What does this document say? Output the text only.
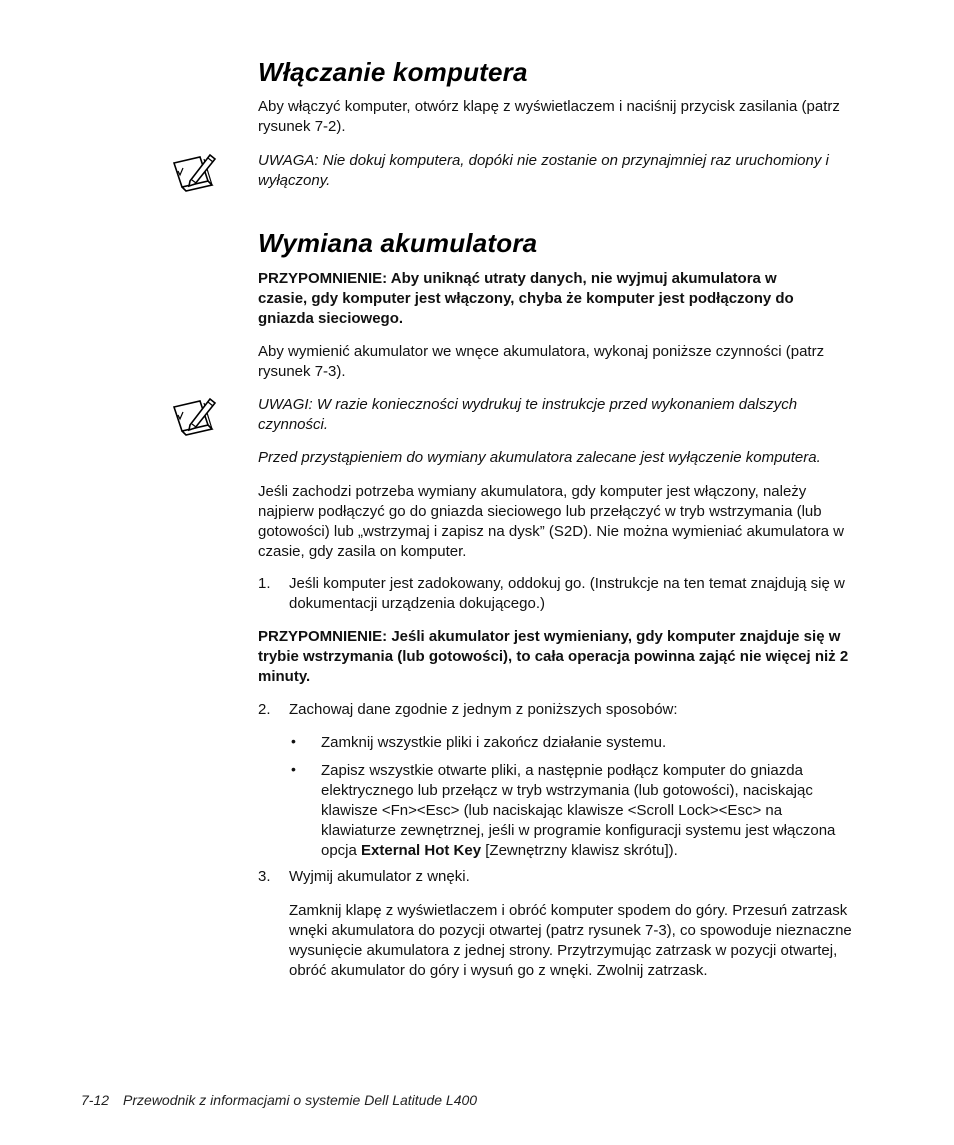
Włączanie komputera

Aby włączyć komputer, otwórz klapę z wyświetlaczem i naciśnij przycisk zasilania (patrz rysunek 7-2).

UWAGA: Nie dokuj komputera, dopóki nie zostanie on przynajmniej raz uruchomiony i wyłączony.

Wymiana akumulatora

PRZYPOMNIENIE: Aby uniknąć utraty danych, nie wyjmuj akumulatora w czasie, gdy komputer jest włączony, chyba że komputer jest podłączony do gniazda sieciowego.

Aby wymienić akumulator we wnęce akumulatora, wykonaj poniższe czynności (patrz rysunek 7-3).

UWAGI: W razie konieczności wydrukuj te instrukcje przed wykonaniem dalszych czynności.

Przed przystąpieniem do wymiany akumulatora zalecane jest wyłączenie komputera.

Jeśli zachodzi potrzeba wymiany akumulatora, gdy komputer jest włączony, należy najpierw podłączyć go do gniazda sieciowego lub przełączyć w tryb wstrzymania (lub gotowości) lub „wstrzymaj i zapisz na dysk” (S2D). Nie można wymieniać akumulatora w czasie, gdy zasila on komputer.

1.	Jeśli komputer jest zadokowany, oddokuj go. (Instrukcje na ten temat znajdują się w dokumentacji urządzenia dokującego.)

PRZYPOMNIENIE: Jeśli akumulator jest wymieniany, gdy komputer znajduje się w trybie wstrzymania (lub gotowości), to cała operacja powinna zająć nie więcej niż 2 minuty.

2.	Zachowaj dane zgodnie z jednym z poniższych sposobów:

• Zamknij wszystkie pliki i zakończ działanie systemu.

• Zapisz wszystkie otwarte pliki, a następnie podłącz komputer do gniazda elektrycznego lub przełącz w tryb wstrzymania (lub gotowości), naciskając klawisze <Fn><Esc> (lub naciskając klawisze <Scroll Lock><Esc> na klawiaturze zewnętrznej, jeśli w programie konfiguracji systemu jest włączona opcja External Hot Key [Zewnętrzny klawisz skrótu]).

3.	Wyjmij akumulator z wnęki.

Zamknij klapę z wyświetlaczem i obróć komputer spodem do góry. Przesuń zatrzask wnęki akumulatora do pozycji otwartej (patrz rysunek 7-3), co spowoduje nieznaczne wysunięcie akumulatora z jednej strony. Przytrzymując zatrzask w pozycji otwartej, obróć akumulator do góry i wysuń go z wnęki. Zwolnij zatrzask.

7-12 Przewodnik z informacjami o systemie Dell Latitude L400
